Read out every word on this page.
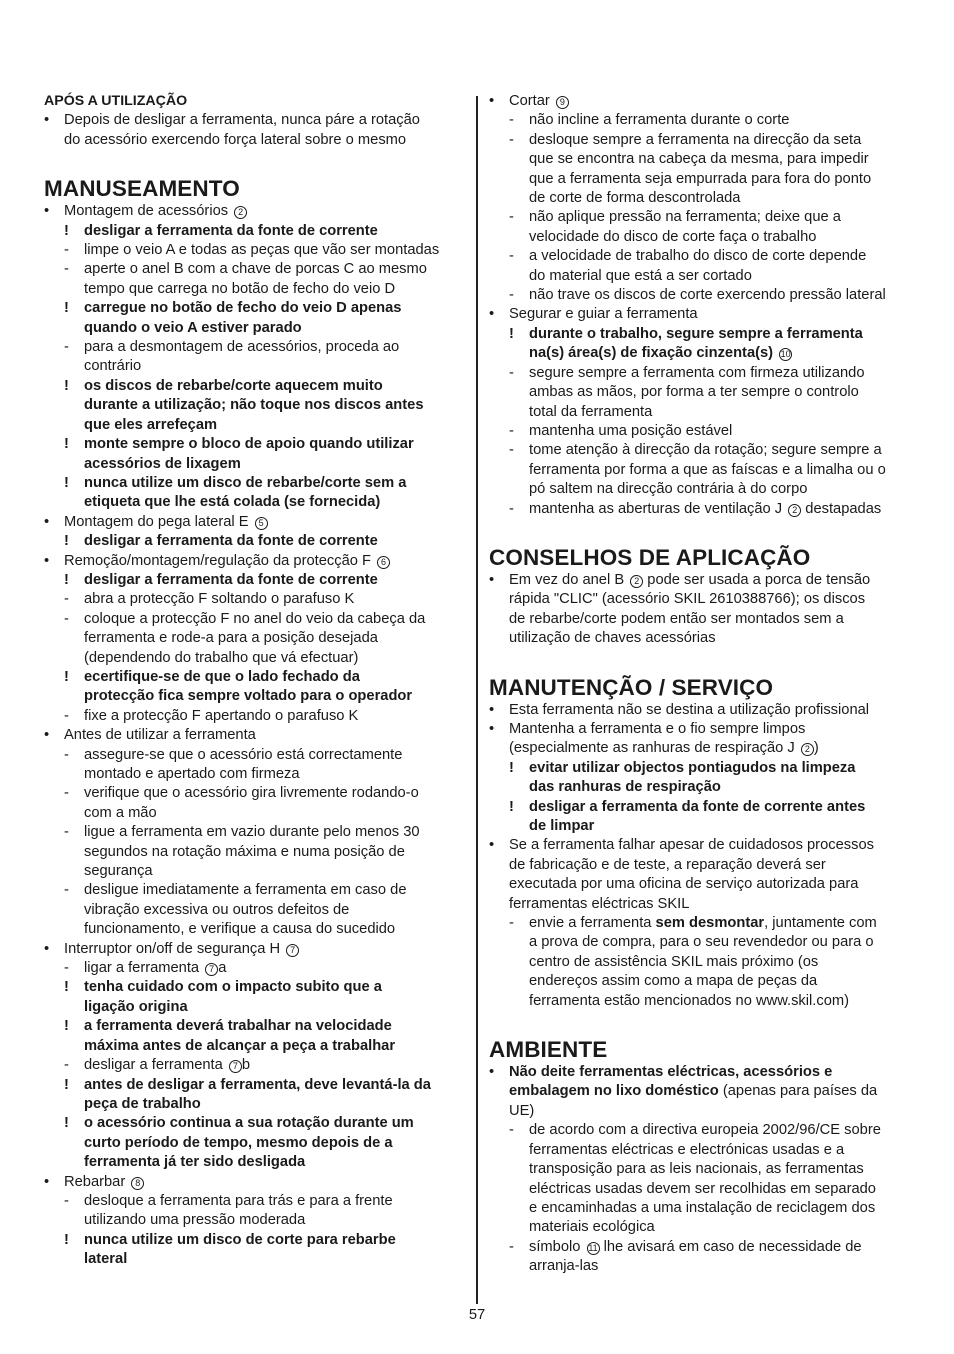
APÓS A UTILIZAÇÃO
• Depois de desligar a ferramenta, nunca páre a rotação
do acessório exercendo força lateral sobre o mesmo
MANUSEAMENTO
• Montagem de acessórios 2
! desligar a ferramenta da fonte de corrente
- limpe o veio A e todas as peças que vão ser montadas
- aperte o anel B com a chave de porcas C ao mesmo
tempo que carrega no botão de fecho do veio D
! carregue no botão de fecho do veio D apenas
quando o veio A estiver parado
- para a desmontagem de acessórios, proceda ao
contrário
! os discos de rebarbe/corte aquecem muito
durante a utilização; não toque nos discos antes
que eles arrefeçam
! monte sempre o bloco de apoio quando utilizar
acessórios de lixagem
! nunca utilize um disco de rebarbe/corte sem a
etiqueta que lhe está colada (se fornecida)
• Montagem do pega lateral E 5
! desligar a ferramenta da fonte de corrente
• Remoção/montagem/regulação da protecção F 6
! desligar a ferramenta da fonte de corrente
- abra a protecção F soltando o parafuso K
- coloque a protecção F no anel do veio da cabeça da
ferramenta e rode-a para a posição desejada
(dependendo do trabalho que vá efectuar)
! ecertifique-se de que o lado fechado da
protecção fica sempre voltado para o operador
- fixe a protecção F apertando o parafuso K
• Antes de utilizar a ferramenta
- assegure-se que o acessório está correctamente
montado e apertado com firmeza
- verifique que o acessório gira livremente rodando-o
com a mão
- ligue a ferramenta em vazio durante pelo menos 30
segundos na rotação máxima e numa posição de
segurança
- desligue imediatamente a ferramenta em caso de
vibração excessiva ou outros defeitos de
funcionamento, e verifique a causa do sucedido
• Interruptor on/off de segurança H 7
- ligar a ferramenta 7 a
! tenha cuidado com o impacto subito que a
ligação origina
! a ferramenta deverá trabalhar na velocidade
máxima antes de alcançar a peça a trabalhar
- desligar a ferramenta 7 b
! antes de desligar a ferramenta, deve levantá-la da
peça de trabalho
! o acessório continua a sua rotação durante um
curto período de tempo, mesmo depois de a
ferramenta já ter sido desligada
• Rebarbar 8
- desloque a ferramenta para trás e para a frente
utilizando uma pressão moderada
! nunca utilize um disco de corte para rebarbe
lateral
• Cortar 9
- não incline a ferramenta durante o corte
- desloque sempre a ferramenta na direcção da seta
que se encontra na cabeça da mesma, para impedir
que a ferramenta seja empurrada para fora do ponto
de corte de forma descontrolada
- não aplique pressão na ferramenta; deixe que a
velocidade do disco de corte faça o trabalho
- a velocidade de trabalho do disco de corte depende
do material que está a ser cortado
- não trave os discos de corte exercendo pressão lateral
• Segurar e guiar a ferramenta
! durante o trabalho, segure sempre a ferramenta
na(s) área(s) de fixação cinzenta(s) 10
- segure sempre a ferramenta com firmeza utilizando
ambas as mãos, por forma a ter sempre o controlo
total da ferramenta
- mantenha uma posição estável
- tome atenção à direcção da rotação; segure sempre a
ferramenta por forma a que as faíscas e a limalha ou o
pó saltem na direcção contrária à do corpo
- mantenha as aberturas de ventilação J 2 destapadas
CONSELHOS DE APLICAÇÃO
• Em vez do anel B 2 pode ser usada a porca de tensão
rápida "CLIC" (acessório SKIL 2610388766); os discos
de rebarbe/corte podem então ser montados sem a
utilização de chaves acessórias
MANUTENÇÃO / SERVIÇO
• Esta ferramenta não se destina a utilização profissional
• Mantenha a ferramenta e o fio sempre limpos
(especialmente as ranhuras de respiração J 2 )
! evitar utilizar objectos pontiagudos na limpeza
das ranhuras de respiração
! desligar a ferramenta da fonte de corrente antes
de limpar
• Se a ferramenta falhar apesar de cuidadosos processos
de fabricação e de teste, a reparação deverá ser
executada por uma oficina de serviço autorizada para
ferramentas eléctricas SKIL
- envie a ferramenta sem desmontar, juntamente com
a prova de compra, para o seu revendedor ou para o
centro de assistência SKIL mais próximo (os
endereços assim como a mapa de peças da
ferramenta estão mencionados no www.skil.com)
AMBIENTE
• Não deite ferramentas eléctricas, acessórios e
embalagem no lixo doméstico (apenas para países da
UE)
- de acordo com a directiva europeia 2002/96/CE sobre
ferramentas eléctricas e electrónicas usadas e a
transposição para as leis nacionais, as ferramentas
eléctricas usadas devem ser recolhidas em separado
e encaminhadas a uma instalação de reciclagem dos
materiais ecológica
- símbolo 11 lhe avisará em caso de necessidade de
arranja-las
57
